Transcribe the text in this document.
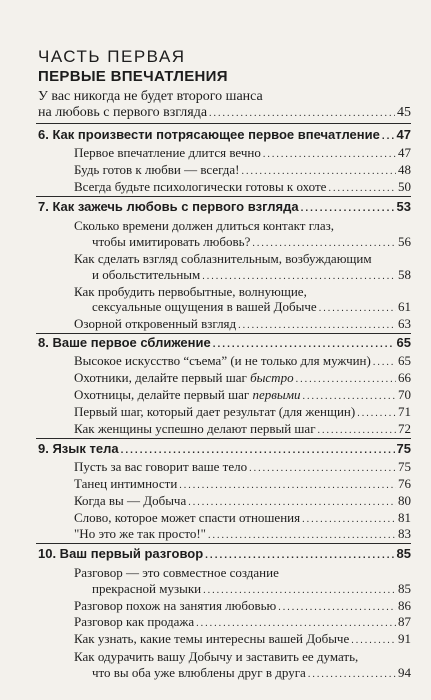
ЧАСТЬ ПЕРВАЯ
ПЕРВЫЕ ВПЕЧАТЛЕНИЯ
У вас никогда не будет второго шанса
на любовь с первого взгляда .....	45
6. Как произвести потрясающее первое впечатление ..... 47
Первое впечатление длится вечно .....	47
Будь готов к любви — всегда! .....	48
Всегда будьте психологически готовы к охоте .....	50
7. Как зажечь любовь с первого взгляда .....	53
Сколько времени должен длиться контакт глаз,
чтобы имитировать любовь? .....	56
Как сделать взгляд соблазнительным, возбуждающим
и обольстительным .....	58
Как пробудить первобытные, волнующие,
сексуальные ощущения в вашей Добыче .....	61
Озорной откровенный взгляд .....	63
8. Ваше первое сближение .....	65
Высокое искусство “съема” (и не только для мужчин) ..... 65
Охотники, делайте первый шаг быстро .....	66
Охотницы, делайте первый шаг первыми .....	70
Первый шаг, который дает результат (для женщин) .....	71
Как женщины успешно делают первый шаг .....	72
9. Язык тела .....	75
Пусть за вас говорит ваше тело .....	75
Танец интимности .....	76
Когда вы — Добыча .....	80
Слово, которое может спасти отношения .....	81
"Но это же так просто!" .....	83
10. Ваш первый разговор .....	85
Разговор — это совместное создание
прекрасной музыки .....	85
Разговор похож на занятия любовью .....	86
Разговор как продажа .....	87
Как узнать, какие темы интересны вашей Добыче .....	91
Как одурачить вашу Добычу и заставить ее думать,
что вы оба уже влюблены друг в друга .....	94
